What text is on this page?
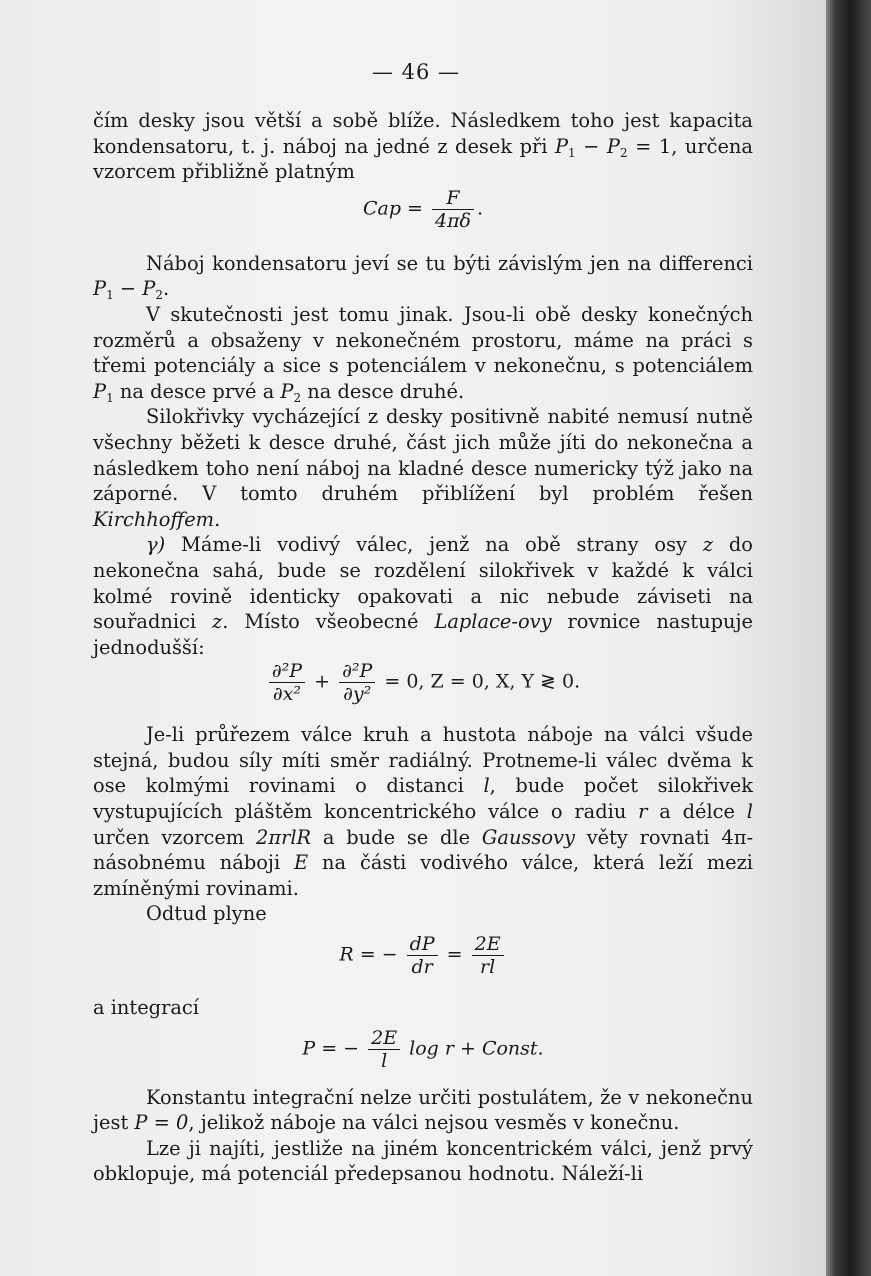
— 46 —

čím desky jsou větší a sobě blíže. Následkem toho jest kapacita kondensatoru, t. j. náboj na jedné z desek při $P_1 - P_2 = 1$, určena vzorcem přibližně platným

Cap = $\frac{F}{4\pi\delta}$ .

Náboj kondensatoru jeví se tu býti závislým jen na differenci $P_1 - P_2$.

V skutečnosti jest tomu jinak. Jsou-li obě desky konečných rozměrů a obsaženy v nekonečném prostoru, máme na práci s třemi potenciály a sice s potenciálem v nekonečnu, s potenciálem $P_1$ na desce prvé a $P_2$ na desce druhé.

Silokřivky vycházející z desky positivně nabité nemusí nutně všechny běžeti k desce druhé, část jich může jíti do nekonečna a následkem toho není náboj na kladné desce numericky týž jako na záporné. V tomto druhém přiblížení byl problém řešen Kirchhoffem.

γ) Máme-li vodivý válec, jenž na obě strany osy z do nekonečna sahá, bude se rozdělení silokřivek v každé k válci kolmé rovině identicky opakovati a nic nebude záviseti na souřadnici z. Místo všeobecné Laplace-ovy rovnice nastupuje jednodušší:

$\frac{\text{∂²P}}{\text{∂x²}} + \frac{\text{∂²P}}{\text{∂y²}} = 0$, Z = 0, X, Y ≷ 0.

Je-li průřezem válce kruh a hustota náboje na válci všude stejná, budou síly míti směr radiálný. Protneme-li válec dvěma k ose kolmými rovinami o distanci l, bude počet silokřivek vystupujících pláštěm koncentrického válce o radiu r a délce l určen vzorcem 2πrlR a bude se dle Gaussovy věty rovnati 4π-násobnému náboji E na části vodivého válce, která leží mezi zmíněnými rovinami.

Odtud plyne

R = − $\frac{dP}{dr} = \frac{2E}{rl}$

a integrací

P = − $\frac{2E}{l}$ log r + Const.

Konstantu integrační nelze určiti postulátem, že v nekonečnu jest P = 0, jelikož náboje na válci nejsou vesměs v konečnu.

Lze ji najíti, jestliže na jiném koncentrickém válci, jenž prvý obklopuje, má potenciál předepsanou hodnotu. Náleží-li
